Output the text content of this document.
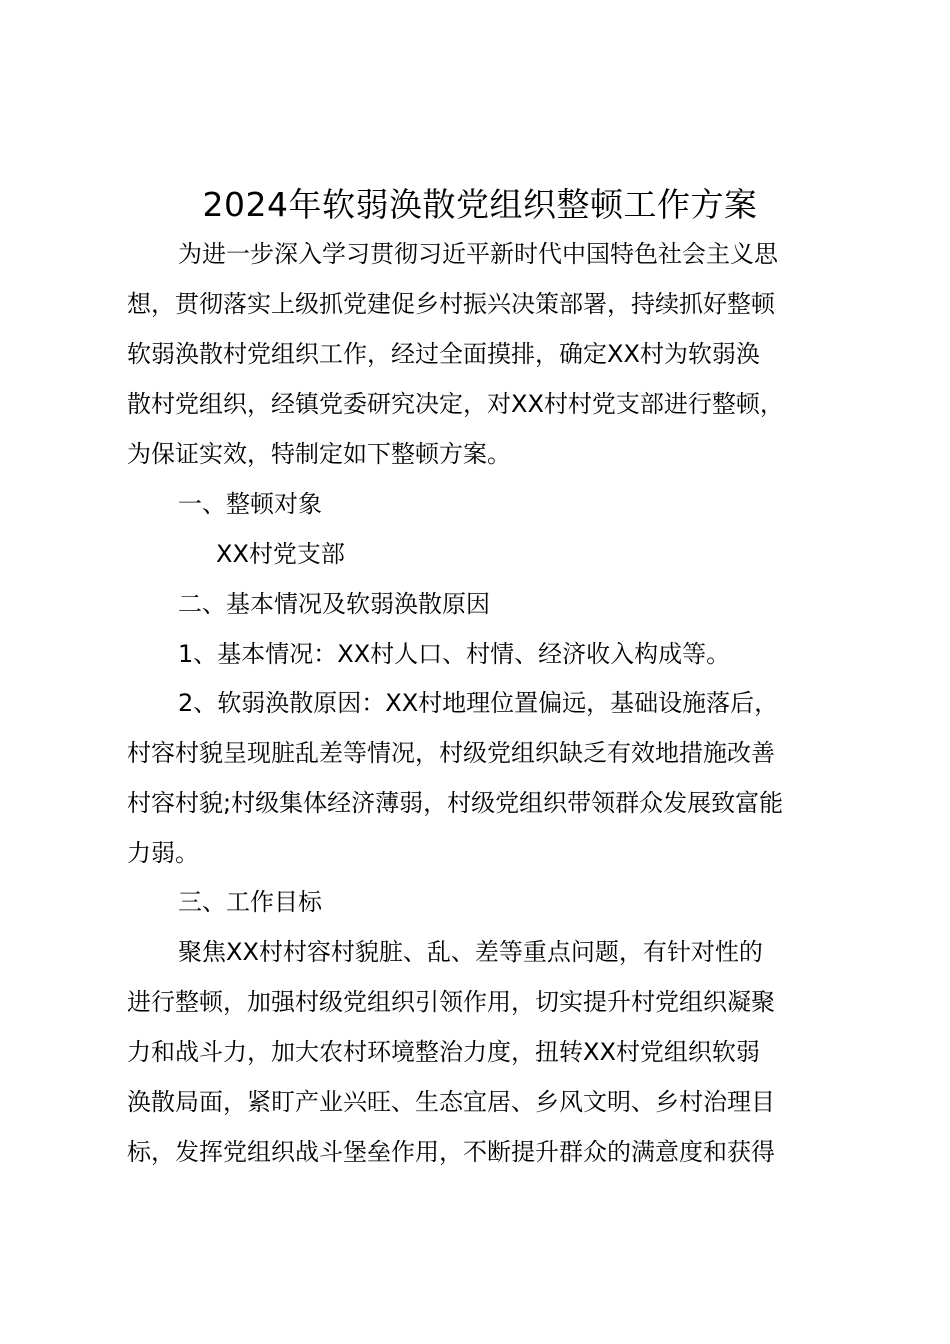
2024年软弱涣散党组织整顿工作方案

为进一步深入学习贯彻习近平新时代中国特色社会主义思

想，贯彻落实上级抓党建促乡村振兴决策部署，持续抓好整顿

软弱涣散村党组织工作，经过全面摸排，确定XX村为软弱涣

散村党组织，经镇党委研究决定，对XX村村党支部进行整顿，

为保证实效，特制定如下整顿方案。

一、整顿对象

XX村党支部

二、基本情况及软弱涣散原因

1、基本情况：XX村人口、村情、经济收入构成等。

2、软弱涣散原因：XX村地理位置偏远，基础设施落后，

村容村貌呈现脏乱差等情况，村级党组织缺乏有效地措施改善

村容村貌;村级集体经济薄弱，村级党组织带领群众发展致富能

力弱。

三、工作目标

聚焦XX村村容村貌脏、乱、差等重点问题，有针对性的

进行整顿，加强村级党组织引领作用，切实提升村党组织凝聚

力和战斗力，加大农村环境整治力度，扭转XX村党组织软弱

涣散局面，紧盯产业兴旺、生态宜居、乡风文明、乡村治理目

标，发挥党组织战斗堡垒作用，不断提升群众的满意度和获得
